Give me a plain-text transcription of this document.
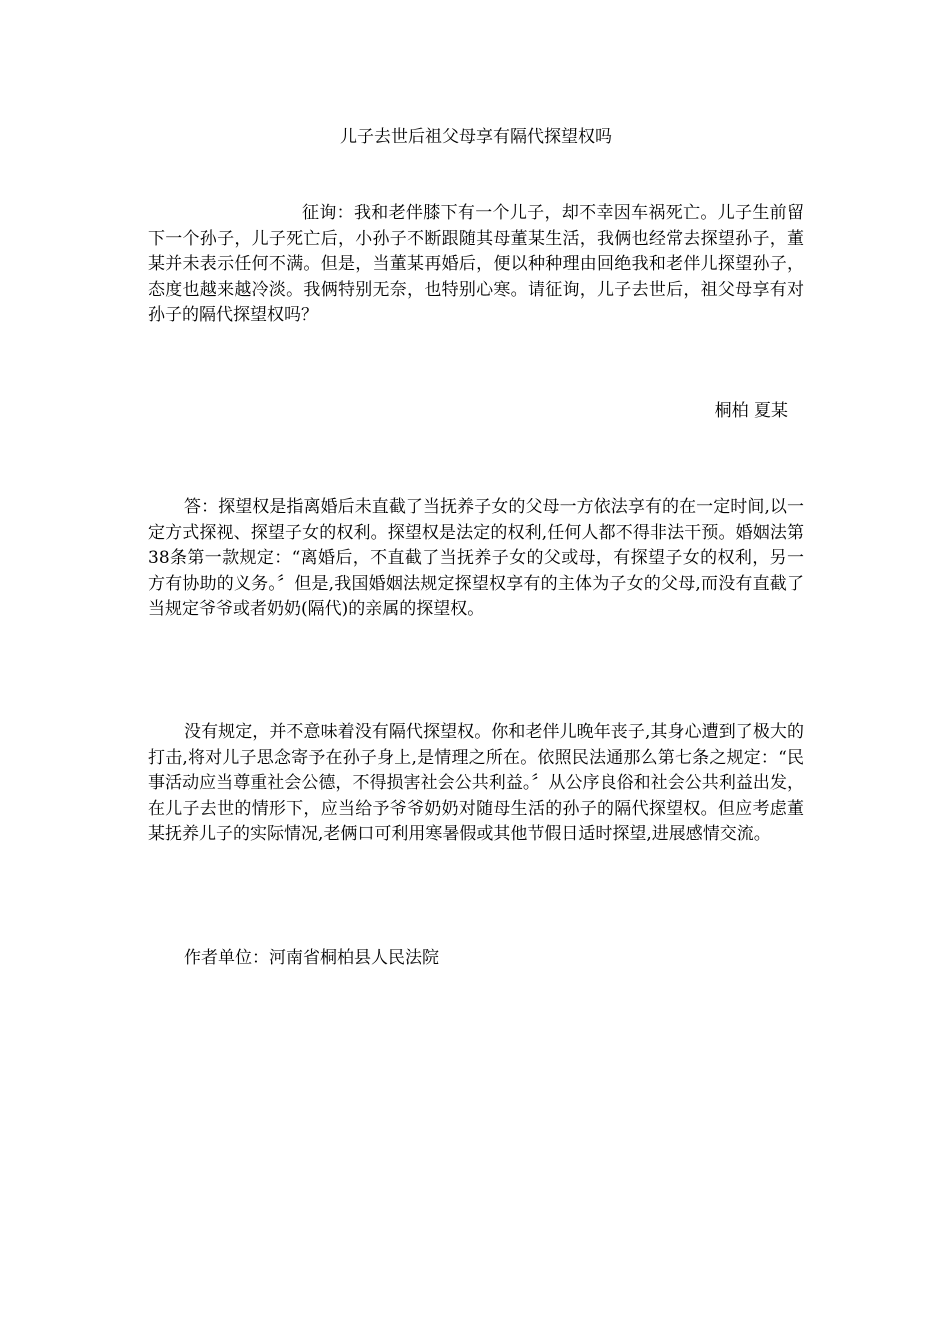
儿子去世后祖父母享有隔代探望权吗

征询：我和老伴膝下有一个儿子，却不幸因车祸死亡。儿子生前留下一个孙子，儿子死亡后，小孙子不断跟随其母董某生活，我俩也经常去探望孙子，董某并未表示任何不满。但是，当董某再婚后，便以种种理由回绝我和老伴儿探望孙子，态度也越来越冷淡。我俩特别无奈，也特别心寒。请征询，儿子去世后，祖父母享有对孙子的隔代探望权吗？

桐柏 夏某

答：探望权是指离婚后未直截了当抚养子女的父母一方依法享有的在一定时间,以一定方式探视、探望子女的权利。探望权是法定的权利,任何人都不得非法干预。婚姻法第38条第一款规定：“离婚后，不直截了当抚养子女的父或母，有探望子女的权利，另一方有协助的义务。〞但是,我国婚姻法规定探望权享有的主体为子女的父母,而没有直截了当规定爷爷或者奶奶(隔代)的亲属的探望权。

没有规定，并不意味着没有隔代探望权。你和老伴儿晚年丧子,其身心遭到了极大的打击,将对儿子思念寄予在孙子身上,是情理之所在。依照民法通那么第七条之规定：“民事活动应当尊重社会公德，不得损害社会公共利益。〞从公序良俗和社会公共利益出发，在儿子去世的情形下，应当给予爷爷奶奶对随母生活的孙子的隔代探望权。但应考虑董某抚养儿子的实际情况,老俩口可利用寒暑假或其他节假日适时探望,进展感情交流。

作者单位：河南省桐柏县人民法院
